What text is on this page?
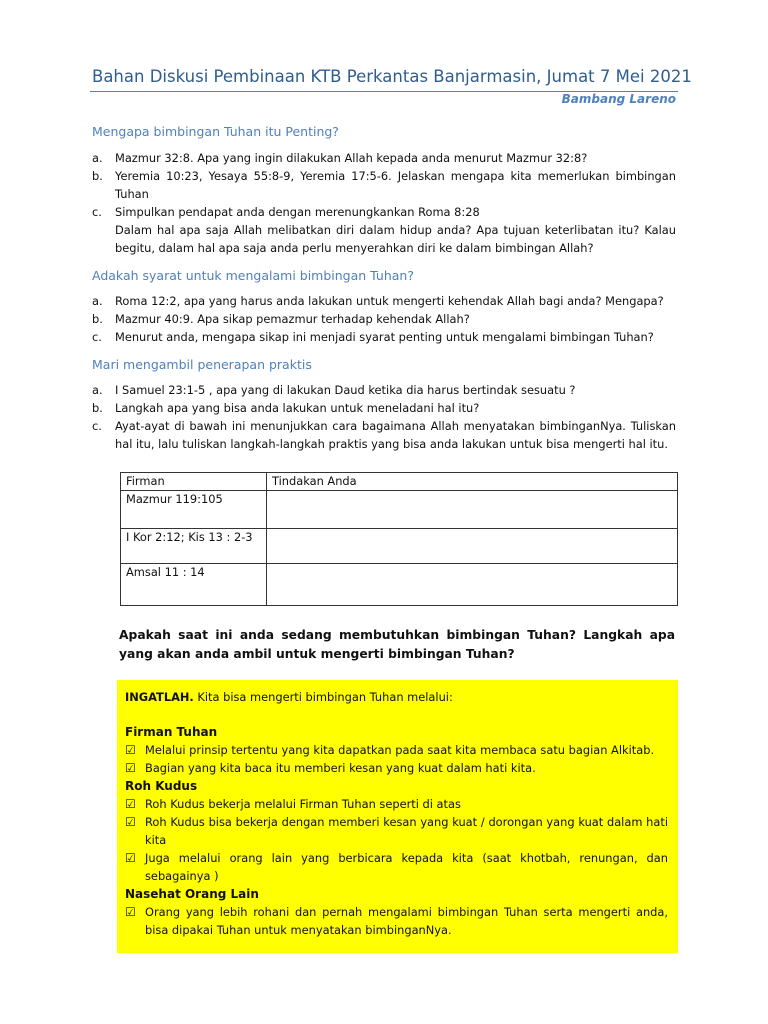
Bahan Diskusi Pembinaan KTB Perkantas Banjarmasin, Jumat 7 Mei 2021
Bambang Lareno
Mengapa bimbingan Tuhan itu Penting?
a.	Mazmur 32:8. Apa yang ingin dilakukan Allah kepada anda menurut Mazmur 32:8?
b.	Yeremia 10:23, Yesaya 55:8-9, Yeremia 17:5-6. Jelaskan mengapa kita memerlukan bimbingan Tuhan
c.	Simpulkan pendapat anda dengan merenungkankan Roma 8:28
Dalam hal apa saja Allah melibatkan diri dalam hidup anda? Apa tujuan keterlibatan itu? Kalau begitu, dalam hal apa saja anda perlu menyerahkan diri ke dalam bimbingan Allah?
Adakah syarat untuk mengalami bimbingan Tuhan?
a.	Roma 12:2, apa yang harus anda lakukan untuk mengerti kehendak Allah bagi anda? Mengapa?
b.	Mazmur 40:9. Apa sikap pemazmur terhadap kehendak Allah?
c.	Menurut anda, mengapa sikap ini menjadi syarat penting untuk mengalami bimbingan Tuhan?
Mari mengambil penerapan praktis
a.	I Samuel 23:1-5 , apa yang di lakukan Daud ketika dia harus bertindak sesuatu ?
b.	Langkah apa yang bisa anda lakukan untuk meneladani hal itu?
c.	Ayat-ayat di bawah ini menunjukkan cara bagaimana Allah menyatakan bimbinganNya. Tuliskan hal itu, lalu tuliskan langkah-langkah praktis yang bisa anda lakukan untuk bisa mengerti hal itu.
Firman	Tindakan Anda
Mazmur 119:105	
I Kor 2:12; Kis 13 : 2-3	
Amsal 11 : 14	
Apakah saat ini anda sedang membutuhkan bimbingan Tuhan? Langkah apa yang akan anda ambil untuk mengerti bimbingan Tuhan?
INGATLAH. Kita bisa mengerti bimbingan Tuhan melalui:
Firman Tuhan
☑ Melalui prinsip tertentu yang kita dapatkan pada saat kita membaca satu bagian Alkitab.
☑ Bagian yang kita baca itu memberi kesan yang kuat dalam hati kita.
Roh Kudus
☑ Roh Kudus bekerja melalui Firman Tuhan seperti di atas
☑ Roh Kudus bisa bekerja dengan memberi kesan yang kuat / dorongan yang kuat dalam hati kita
☑ Juga melalui orang lain yang berbicara kepada kita (saat khotbah, renungan, dan sebagainya )
Nasehat Orang Lain
☑ Orang yang lebih rohani dan pernah mengalami bimbingan Tuhan serta mengerti anda, bisa dipakai Tuhan untuk menyatakan bimbinganNya.
